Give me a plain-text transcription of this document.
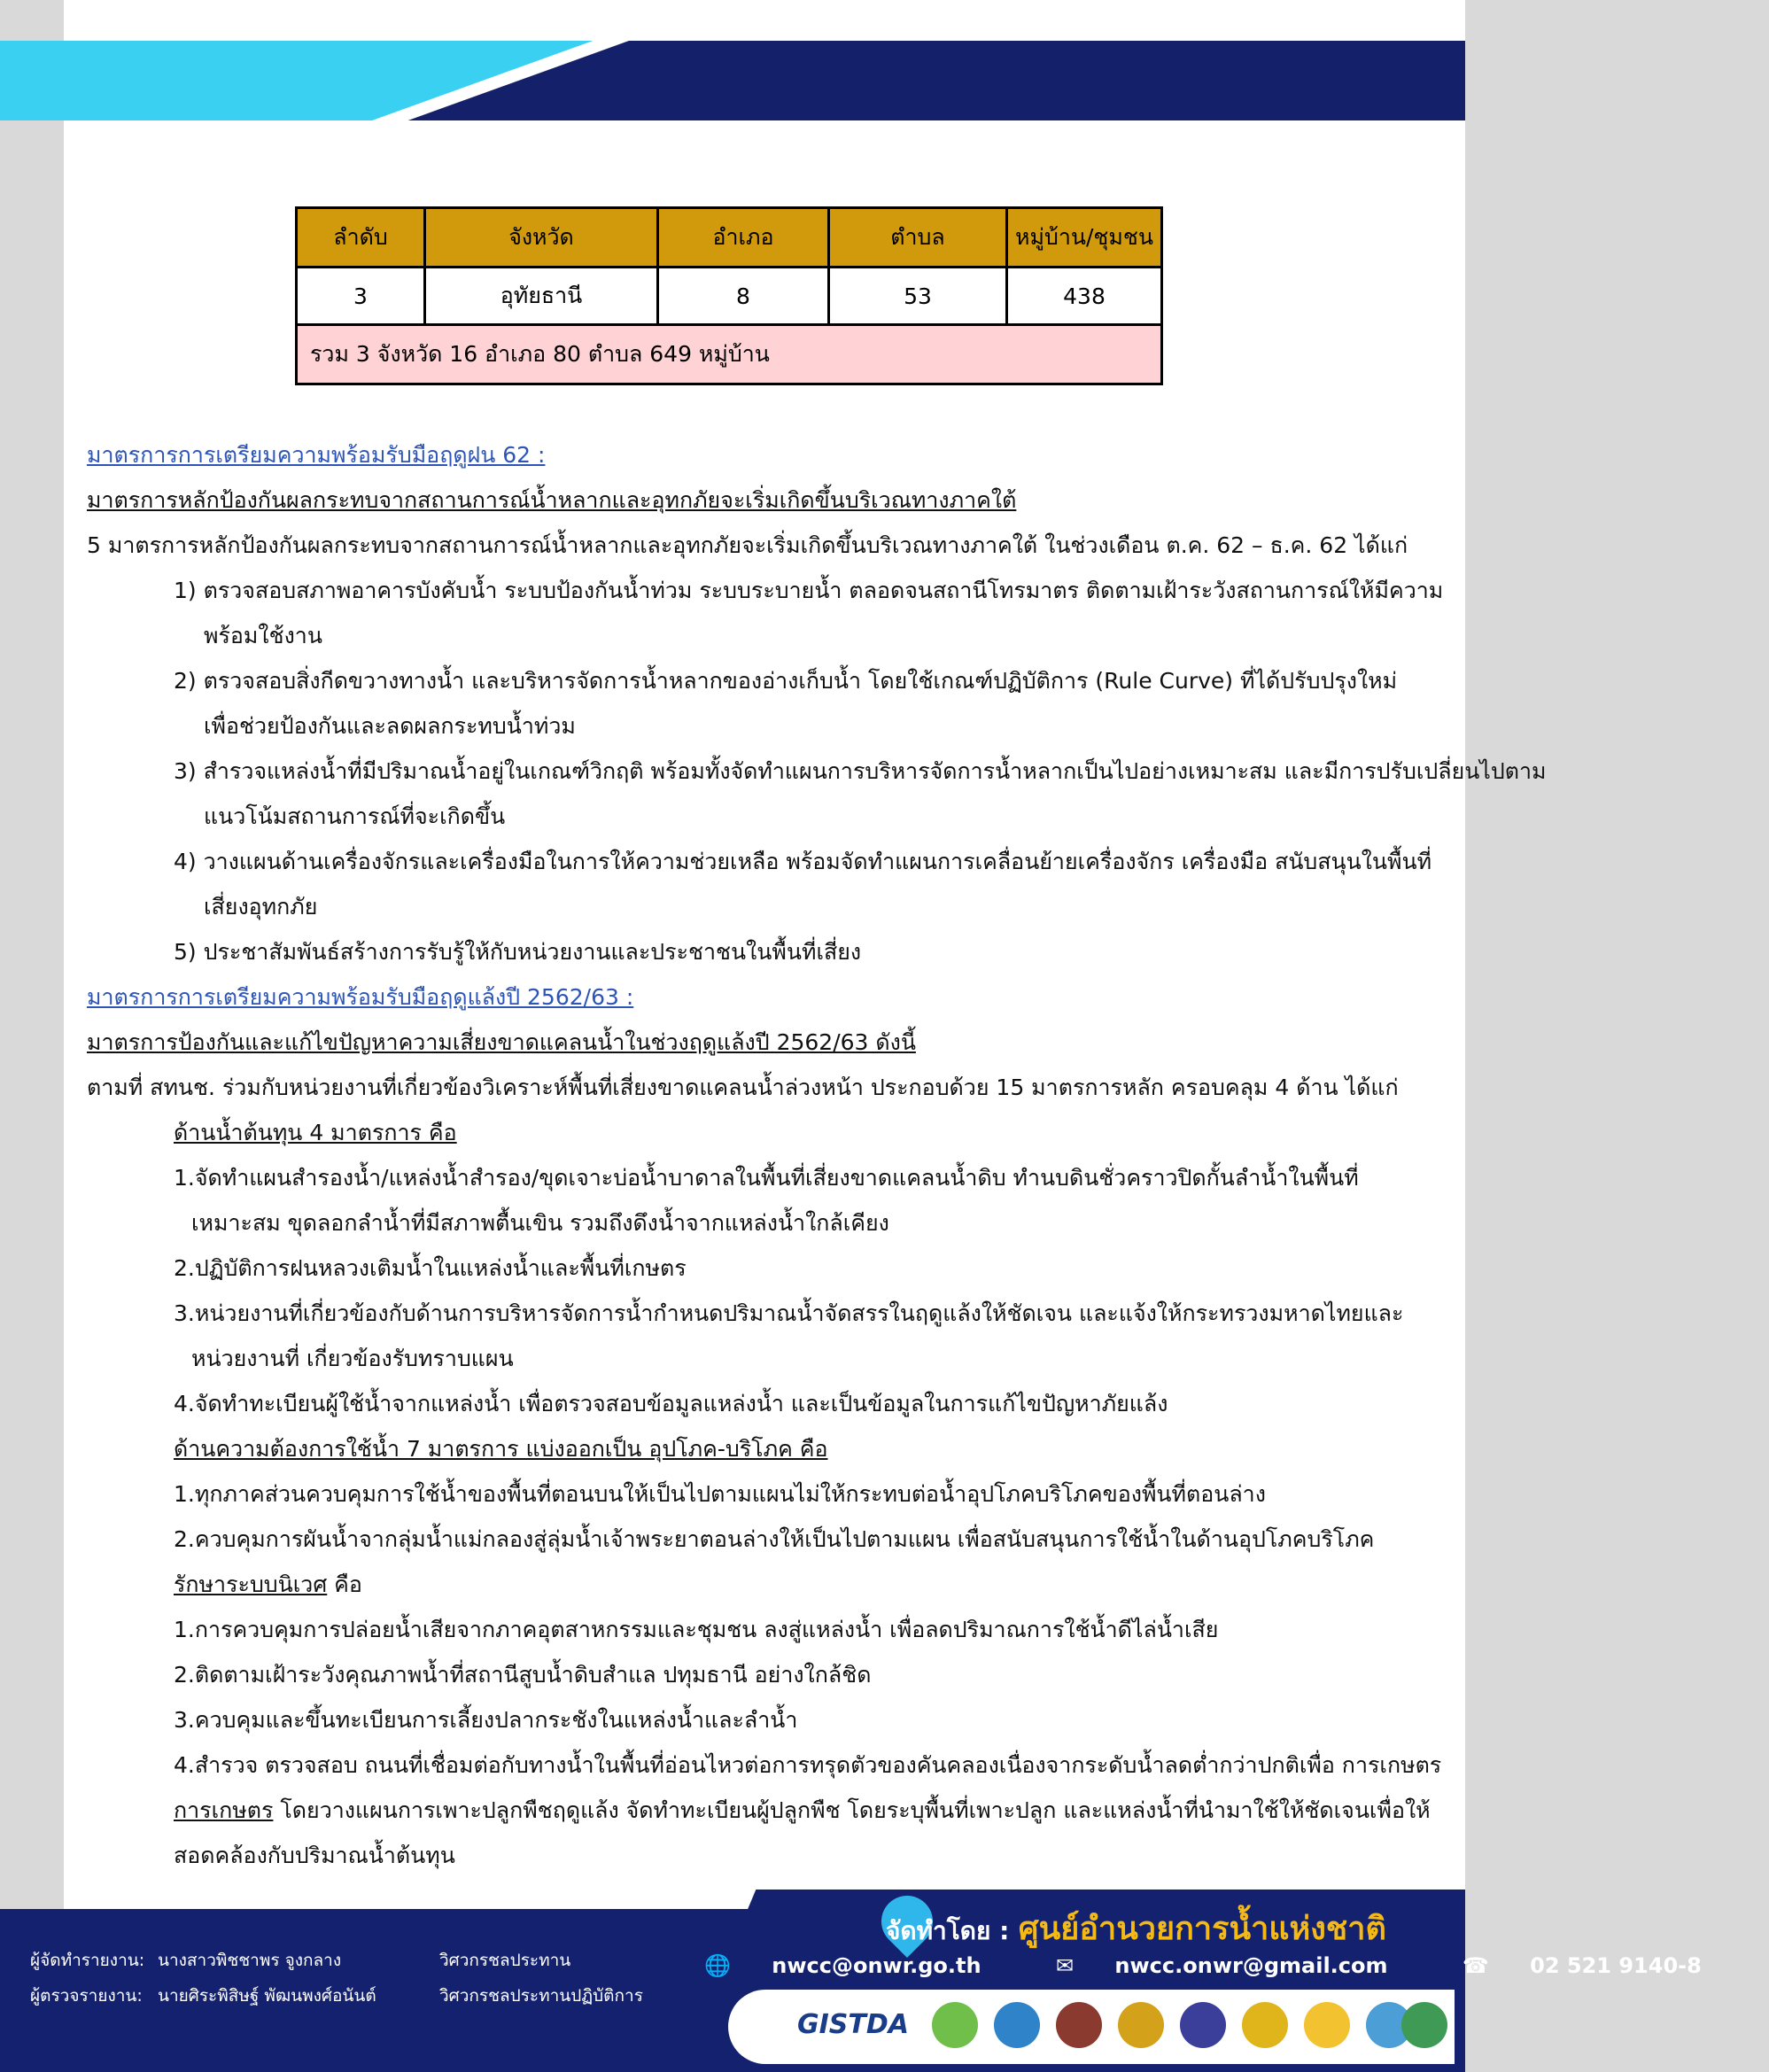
ลำดับ	จังหวัด	อำเภอ	ตำบล	หมู่บ้าน/ชุมชน
3	อุทัยธานี	8	53	438
รวม 3 จังหวัด 16 อำเภอ 80 ตำบล 649 หมู่บ้าน				
มาตรการการเตรียมความพร้อมรับมือฤดูฝน 62 :
มาตรการหลักป้องกันผลกระทบจากสถานการณ์น้ำหลากและอุทกภัยจะเริ่มเกิดขึ้นบริเวณทางภาคใต้
5 มาตรการหลักป้องกันผลกระทบจากสถานการณ์น้ำหลากและอุทกภัยจะเริ่มเกิดขึ้นบริเวณทางภาคใต้ ในช่วงเดือน ต.ค. 62 – ธ.ค. 62 ได้แก่
1) ตรวจสอบสภาพอาคารบังคับน้ำ ระบบป้องกันน้ำท่วม ระบบระบายน้ำ ตลอดจนสถานีโทรมาตร ติดตามเฝ้าระวังสถานการณ์ให้มีความ
พร้อมใช้งาน
2) ตรวจสอบสิ่งกีดขวางทางน้ำ และบริหารจัดการน้ำหลากของอ่างเก็บน้ำ โดยใช้เกณฑ์ปฏิบัติการ (Rule Curve) ที่ได้ปรับปรุงใหม่
เพื่อช่วยป้องกันและลดผลกระทบน้ำท่วม
3) สำรวจแหล่งน้ำที่มีปริมาณน้ำอยู่ในเกณฑ์วิกฤติ พร้อมทั้งจัดทำแผนการบริหารจัดการน้ำหลากเป็นไปอย่างเหมาะสม และมีการปรับเปลี่ยนไปตาม
แนวโน้มสถานการณ์ที่จะเกิดขึ้น
4) วางแผนด้านเครื่องจักรและเครื่องมือในการให้ความช่วยเหลือ พร้อมจัดทำแผนการเคลื่อนย้ายเครื่องจักร เครื่องมือ สนับสนุนในพื้นที่
เสี่ยงอุทกภัย
5) ประชาสัมพันธ์สร้างการรับรู้ให้กับหน่วยงานและประชาชนในพื้นที่เสี่ยง
มาตรการการเตรียมความพร้อมรับมือฤดูแล้งปี 2562/63 :
มาตรการป้องกันและแก้ไขปัญหาความเสี่ยงขาดแคลนน้ำในช่วงฤดูแล้งปี 2562/63 ดังนี้
ตามที่ สทนช. ร่วมกับหน่วยงานที่เกี่ยวข้องวิเคราะห์พื้นที่เสี่ยงขาดแคลนน้ำล่วงหน้า ประกอบด้วย 15 มาตรการหลัก ครอบคลุม 4 ด้าน ได้แก่
ด้านน้ำต้นทุน 4 มาตรการ คือ
1.จัดทำแผนสำรองน้ำ/แหล่งน้ำสำรอง/ขุดเจาะบ่อน้ำบาดาลในพื้นที่เสี่ยงขาดแคลนน้ำดิบ ทำนบดินชั่วคราวปิดกั้นลำน้ำในพื้นที่
เหมาะสม ขุดลอกลำน้ำที่มีสภาพตื้นเขิน รวมถึงดึงน้ำจากแหล่งน้ำใกล้เคียง
2.ปฏิบัติการฝนหลวงเติมน้ำในแหล่งน้ำและพื้นที่เกษตร
3.หน่วยงานที่เกี่ยวข้องกับด้านการบริหารจัดการน้ำกำหนดปริมาณน้ำจัดสรรในฤดูแล้งให้ชัดเจน และแจ้งให้กระทรวงมหาดไทยและ
หน่วยงานที่ เกี่ยวข้องรับทราบแผน
4.จัดทำทะเบียนผู้ใช้น้ำจากแหล่งน้ำ เพื่อตรวจสอบข้อมูลแหล่งน้ำ และเป็นข้อมูลในการแก้ไขปัญหาภัยแล้ง
ด้านความต้องการใช้น้ำ 7 มาตรการ แบ่งออกเป็น อุปโภค-บริโภค คือ
1.ทุกภาคส่วนควบคุมการใช้น้ำของพื้นที่ตอนบนให้เป็นไปตามแผนไม่ให้กระทบต่อน้ำอุปโภคบริโภคของพื้นที่ตอนล่าง
2.ควบคุมการผันน้ำจากลุ่มน้ำแม่กลองสู่ลุ่มน้ำเจ้าพระยาตอนล่างให้เป็นไปตามแผน เพื่อสนับสนุนการใช้น้ำในด้านอุปโภคบริโภค
รักษาระบบนิเวศ คือ
1.การควบคุมการปล่อยน้ำเสียจากภาคอุตสาหกรรมและชุมชน ลงสู่แหล่งน้ำ เพื่อลดปริมาณการใช้น้ำดีไล่น้ำเสีย
2.ติดตามเฝ้าระวังคุณภาพน้ำที่สถานีสูบน้ำดิบสำแล ปทุมธานี อย่างใกล้ชิด
3.ควบคุมและขึ้นทะเบียนการเลี้ยงปลากระชังในแหล่งน้ำและลำน้ำ
4.สำรวจ ตรวจสอบ ถนนที่เชื่อมต่อกับทางน้ำในพื้นที่อ่อนไหวต่อการทรุดตัวของคันคลองเนื่องจากระดับน้ำลดต่ำกว่าปกติเพื่อ การเกษตร
การเกษตร โดยวางแผนการเพาะปลูกพืชฤดูแล้ง จัดทำทะเบียนผู้ปลูกพืช โดยระบุพื้นที่เพาะปลูก และแหล่งน้ำที่นำมาใช้ให้ชัดเจนเพื่อให้
สอดคล้องกับปริมาณน้ำต้นทุน
ผู้จัดทำรายงาน: นางสาวพิชชาพร จูงกลาง	วิศวกรชลประทาน
ผู้ตรวจรายงาน: นายศิระพิสิษฐ์ พัฒนพงศ์อนันต์	วิศวกรชลประทานปฏิบัติการ
จัดทำโดย : ศูนย์อำนวยการน้ำแห่งชาติ
🌐 nwcc@onwr.go.th	✉ nwcc.onwr@gmail.com	☎ 02 521 9140-8
GISTDA
